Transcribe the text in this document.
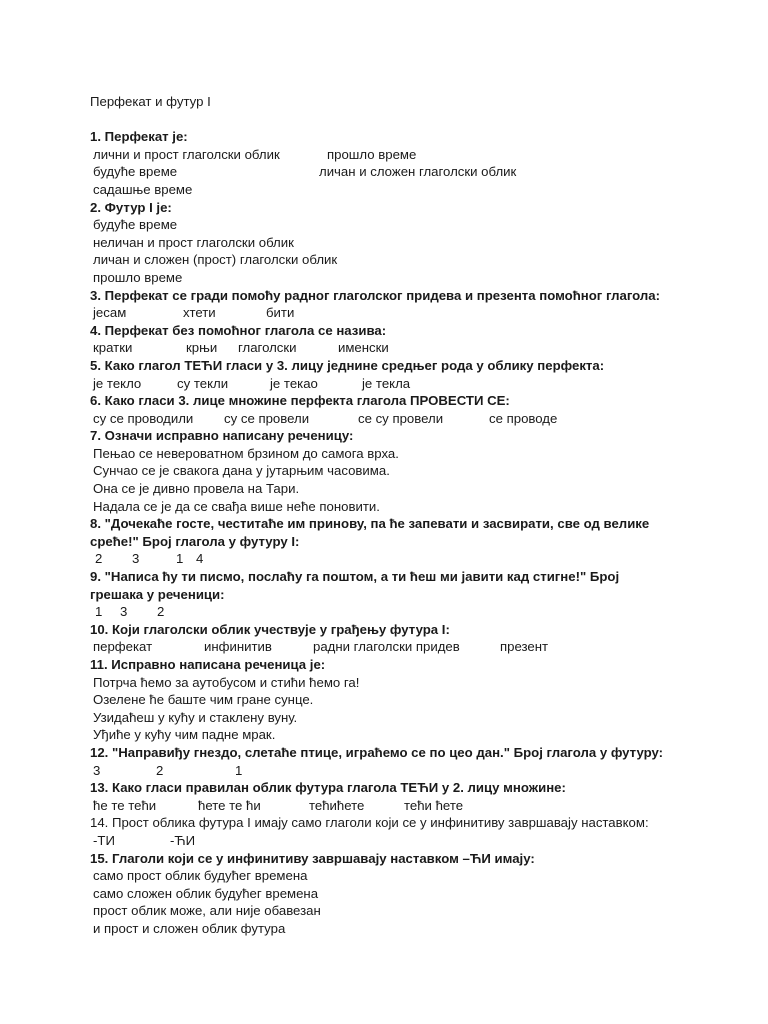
Перфекат и футур I
1. Перфекат је:
лични и прост глаголски облик	прошло време
будуће време	личан и сложен глаголски облик
садашње време
2. Футур I је:
будуће време
неличан и прост глаголски облик
личан и сложен (прост) глаголски облик
прошло време
3. Перфекат се гради помоћу радног глаголског придева и презента помоћног глагола:
јесам	хтети	бити
4. Перфекат без помоћног глагола се назива:
кратки	крњи глаголски	именски
5. Како глагол ТЕЋИ гласи у 3. лицу једнине средњег рода у облику перфекта:
је текло	су текли	је текао	је текла
6. Како гласи 3. лице множине перфекта глагола ПРОВЕСТИ СЕ:
су се проводили су се провели	се су провели	се проводе
7. Означи исправно написану реченицу:
Пењао се невероватном брзином до самога врха.
Сунчао се је свакога дана у јутарњим часовима.
Она се је дивно провела на Тари.
Надала се је да се свађа више неће поновити.
8. "Дочекаће госте, честитаће им принову, па ће запевати и засвирати, све од велике среће!" Број глагола у футуру I:
2 3	1 4
9. "Написа ћу ти писмо, послаћу га поштом, а ти ћеш ми јавити кад стигне!" Број грешака у реченици:
1 3 2
10. Који глаголски облик учествује у грађењу футура I:
перфекат	инфинитив	радни глаголски придев	презент
11. Исправно написана реченица је:
Потрча ћемо за аутобусом и стићи ћемо га!
Озелене ће баште чим гране сунце.
Узидаћеш у кућу и стаклену вуну.
Уђиће у кућу чим падне мрак.
12. "Направиђу гнездо, слетаће птице, играћемо се по цео дан." Број глагола у футуру:
3	2	1
13. Како гласи правилан облик футура глагола ТЕЋИ у 2. лицу множине:
ће те тећи	ћете те ћи	тећићете	тећи ћете
14. Прост облика футура I имају само глаголи који се у инфинитиву завршавају наставком:
-ТИ	-ЋИ
15. Глаголи који се у инфинитиву завршавају наставком –ЋИ имају:
само прост облик будућег времена
само сложен облик будућег времена
прост облик може, али није обавезан
и прост и сложен облик футура
